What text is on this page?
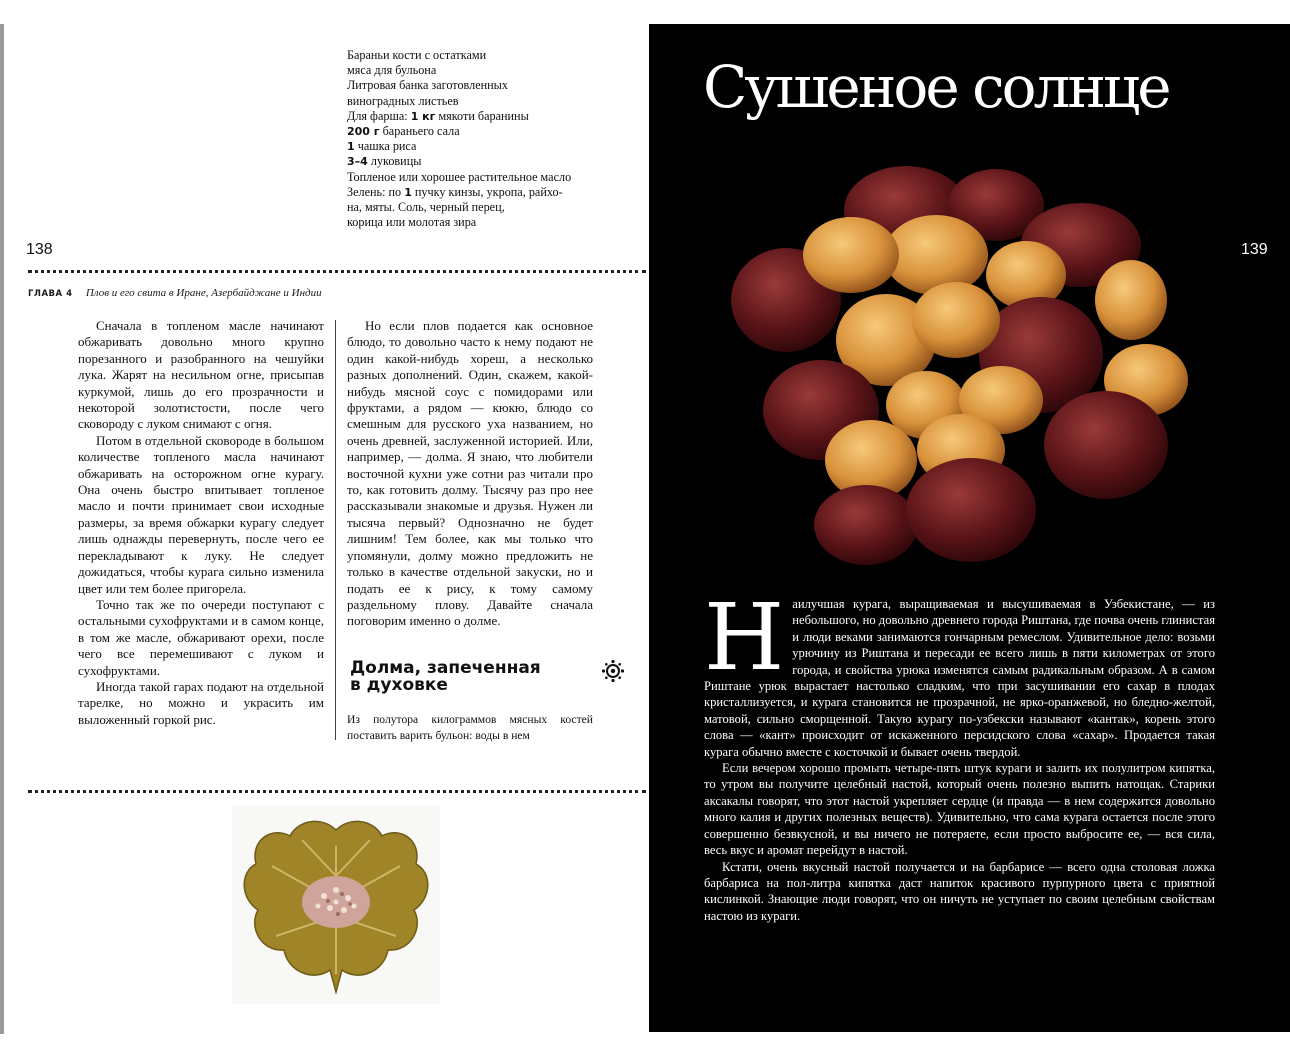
Бараньи кости с остатками
мяса для бульона
Литровая банка заготовленных
виноградных листьев
Для фарша: 1 кг мякоти баранины
200 г бараньего сала
1 чашка риса
3–4 луковицы
Топленое или хорошее растительное масло
Зелень: по 1 пучку кинзы, укропа, райхо-
на, мяты. Соль, черный перец,
корица или молотая зира
138
ГЛАВА 4 Плов и его свита в Иране, Азербайджане и Индии

Сначала в топленом масле начинают обжаривать довольно много крупно порезанного и разобранного на чешуйки лука. Жарят на несильном огне, присыпав куркумой, лишь до его прозрачности и некоторой золотистости, после чего сковороду с луком снимают с огня.

Потом в отдельной сковороде в большом количестве топленого масла начинают обжаривать на осторожном огне курагу. Она очень быстро впитывает топленое масло и почти принимает свои исходные размеры, за время обжарки курагу следует лишь однажды перевернуть, после чего ее перекладывают к луку. Не следует дожидаться, чтобы курага сильно изменила цвет или тем более пригорела.

Точно так же по очереди поступают с остальными сухофруктами и в самом конце, в том же масле, обжаривают орехи, после чего все перемешивают с луком и сухофруктами.

Иногда такой гарах подают на отдельной тарелке, но можно и украсить им выложенный горкой рис.

Но если плов подается как основное блюдо, то довольно часто к нему подают не один какой-нибудь хореш, а несколько разных дополнений. Один, скажем, какой-нибудь мясной соус с помидорами или фруктами, а рядом — кюкю, блюдо со смешным для русского уха названием, но очень древней, заслуженной историей. Или, например, — долма. Я знаю, что любители восточной кухни уже сотни раз читали про то, как готовить долму. Тысячу раз про нее рассказывали знакомые и друзья. Нужен ли тысяча первый? Однозначно не будет лишним! Тем более, как мы только что упомянули, долму можно предложить не только в качестве отдельной закуски, но и подать ее к рису, к тому самому раздельному плову. Давайте сначала поговорим именно о долме.

Долма, запеченная
в духовке

Из полутора килограммов мясных костей поставить варить бульон: воды в нем

Сушеное солнце
139
Н аилучшая курага, выращиваемая и высушиваемая в Узбекистане, — из небольшого, но довольно древнего города Риштана, где почва очень глинистая и люди веками занимаются гончарным ремеслом. Удивительное дело: возьми урючину из Риштана и пересади ее всего лишь в пяти километрах от этого города, и свойства урюка изменятся самым радикальным образом. А в самом Риштане урюк вырастает настолько сладким, что при засушивании его сахар в плодах кристаллизуется, и курага становится не прозрачной, не ярко-оранжевой, но бледно-желтой, матовой, сильно сморщенной. Такую курагу по-узбекски называют «кантак», корень этого слова — «кант» происходит от искаженного персидского слова «сахар». Продается такая курага обычно вместе с косточкой и бывает очень твердой.

Если вечером хорошо промыть четыре-пять штук кураги и залить их полулитром кипятка, то утром вы получите целебный настой, который очень полезно выпить натощак. Старики аксакалы говорят, что этот настой укрепляет сердце (и правда — в нем содержится довольно много калия и других полезных веществ). Удивительно, что сама курага остается после этого совершенно безвкусной, и вы ничего не потеряете, если просто выбросите ее, — вся сила, весь вкус и аромат перейдут в настой.

Кстати, очень вкусный настой получается и на барбарисе — всего одна столовая ложка барбариса на пол-литра кипятка даст напиток красивого пурпурного цвета с приятной кислинкой. Знающие люди говорят, что он ничуть не уступает по своим целебным свойствам настою из кураги.
